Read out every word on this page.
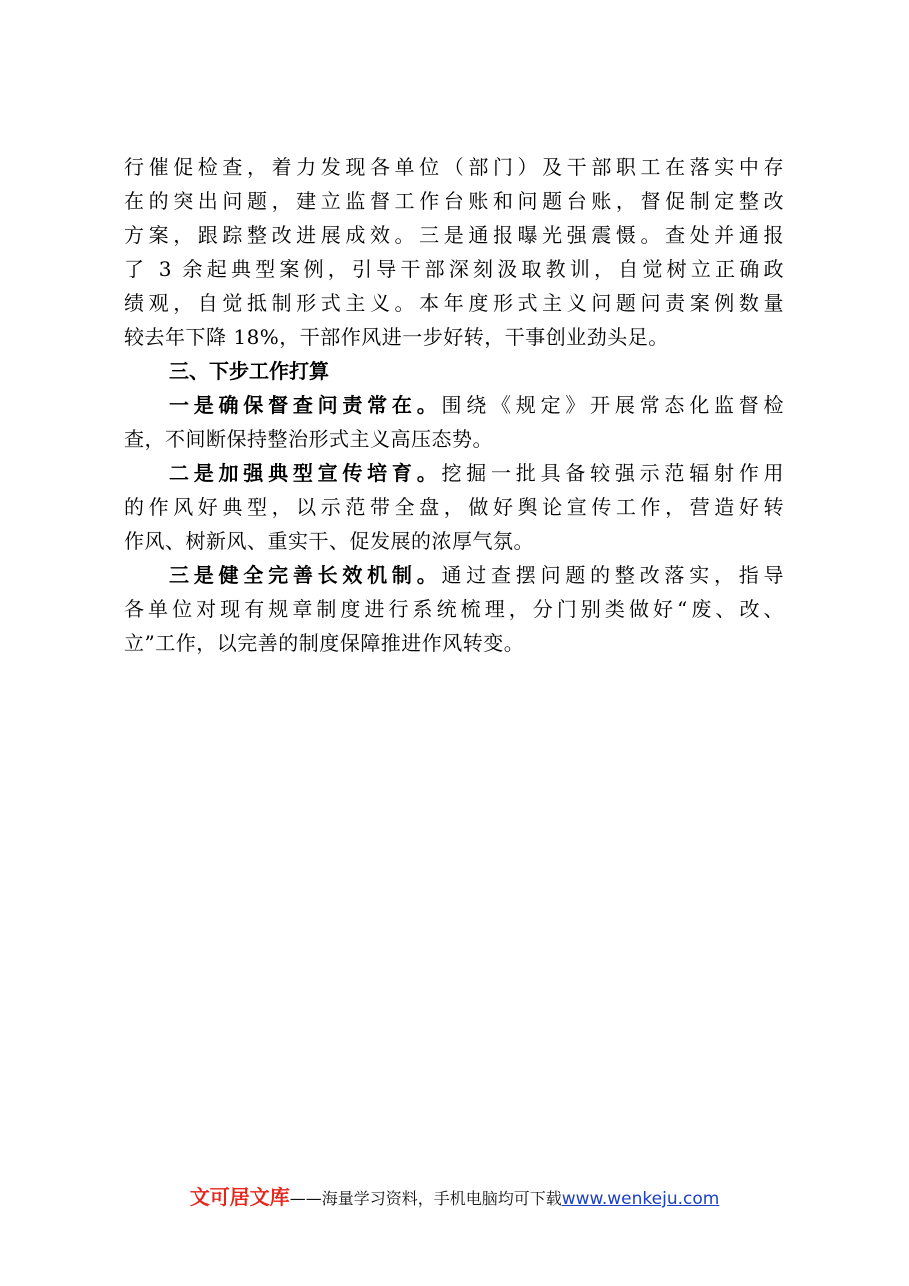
行催促检查，着力发现各单位（部门）及干部职工在落实中存
在的突出问题，建立监督工作台账和问题台账，督促制定整改
方案，跟踪整改进展成效。三是通报曝光强震慑。查处并通报
了 3 余起典型案例，引导干部深刻汲取教训，自觉树立正确政
绩观，自觉抵制形式主义。本年度形式主义问题问责案例数量
较去年下降 18%，干部作风进一步好转，干事创业劲头足。
三、下步工作打算
一是确保督查问责常在。围绕《规定》开展常态化监督检
查，不间断保持整治形式主义高压态势。
二是加强典型宣传培育。挖掘一批具备较强示范辐射作用
的作风好典型，以示范带全盘，做好舆论宣传工作，营造好转
作风、树新风、重实干、促发展的浓厚气氛。
三是健全完善长效机制。通过查摆问题的整改落实，指导
各单位对现有规章制度进行系统梳理，分门别类做好“废、改、
立”工作，以完善的制度保障推进作风转变。
文可居文库——海量学习资料，手机电脑均可下载www.wenkeju.com
